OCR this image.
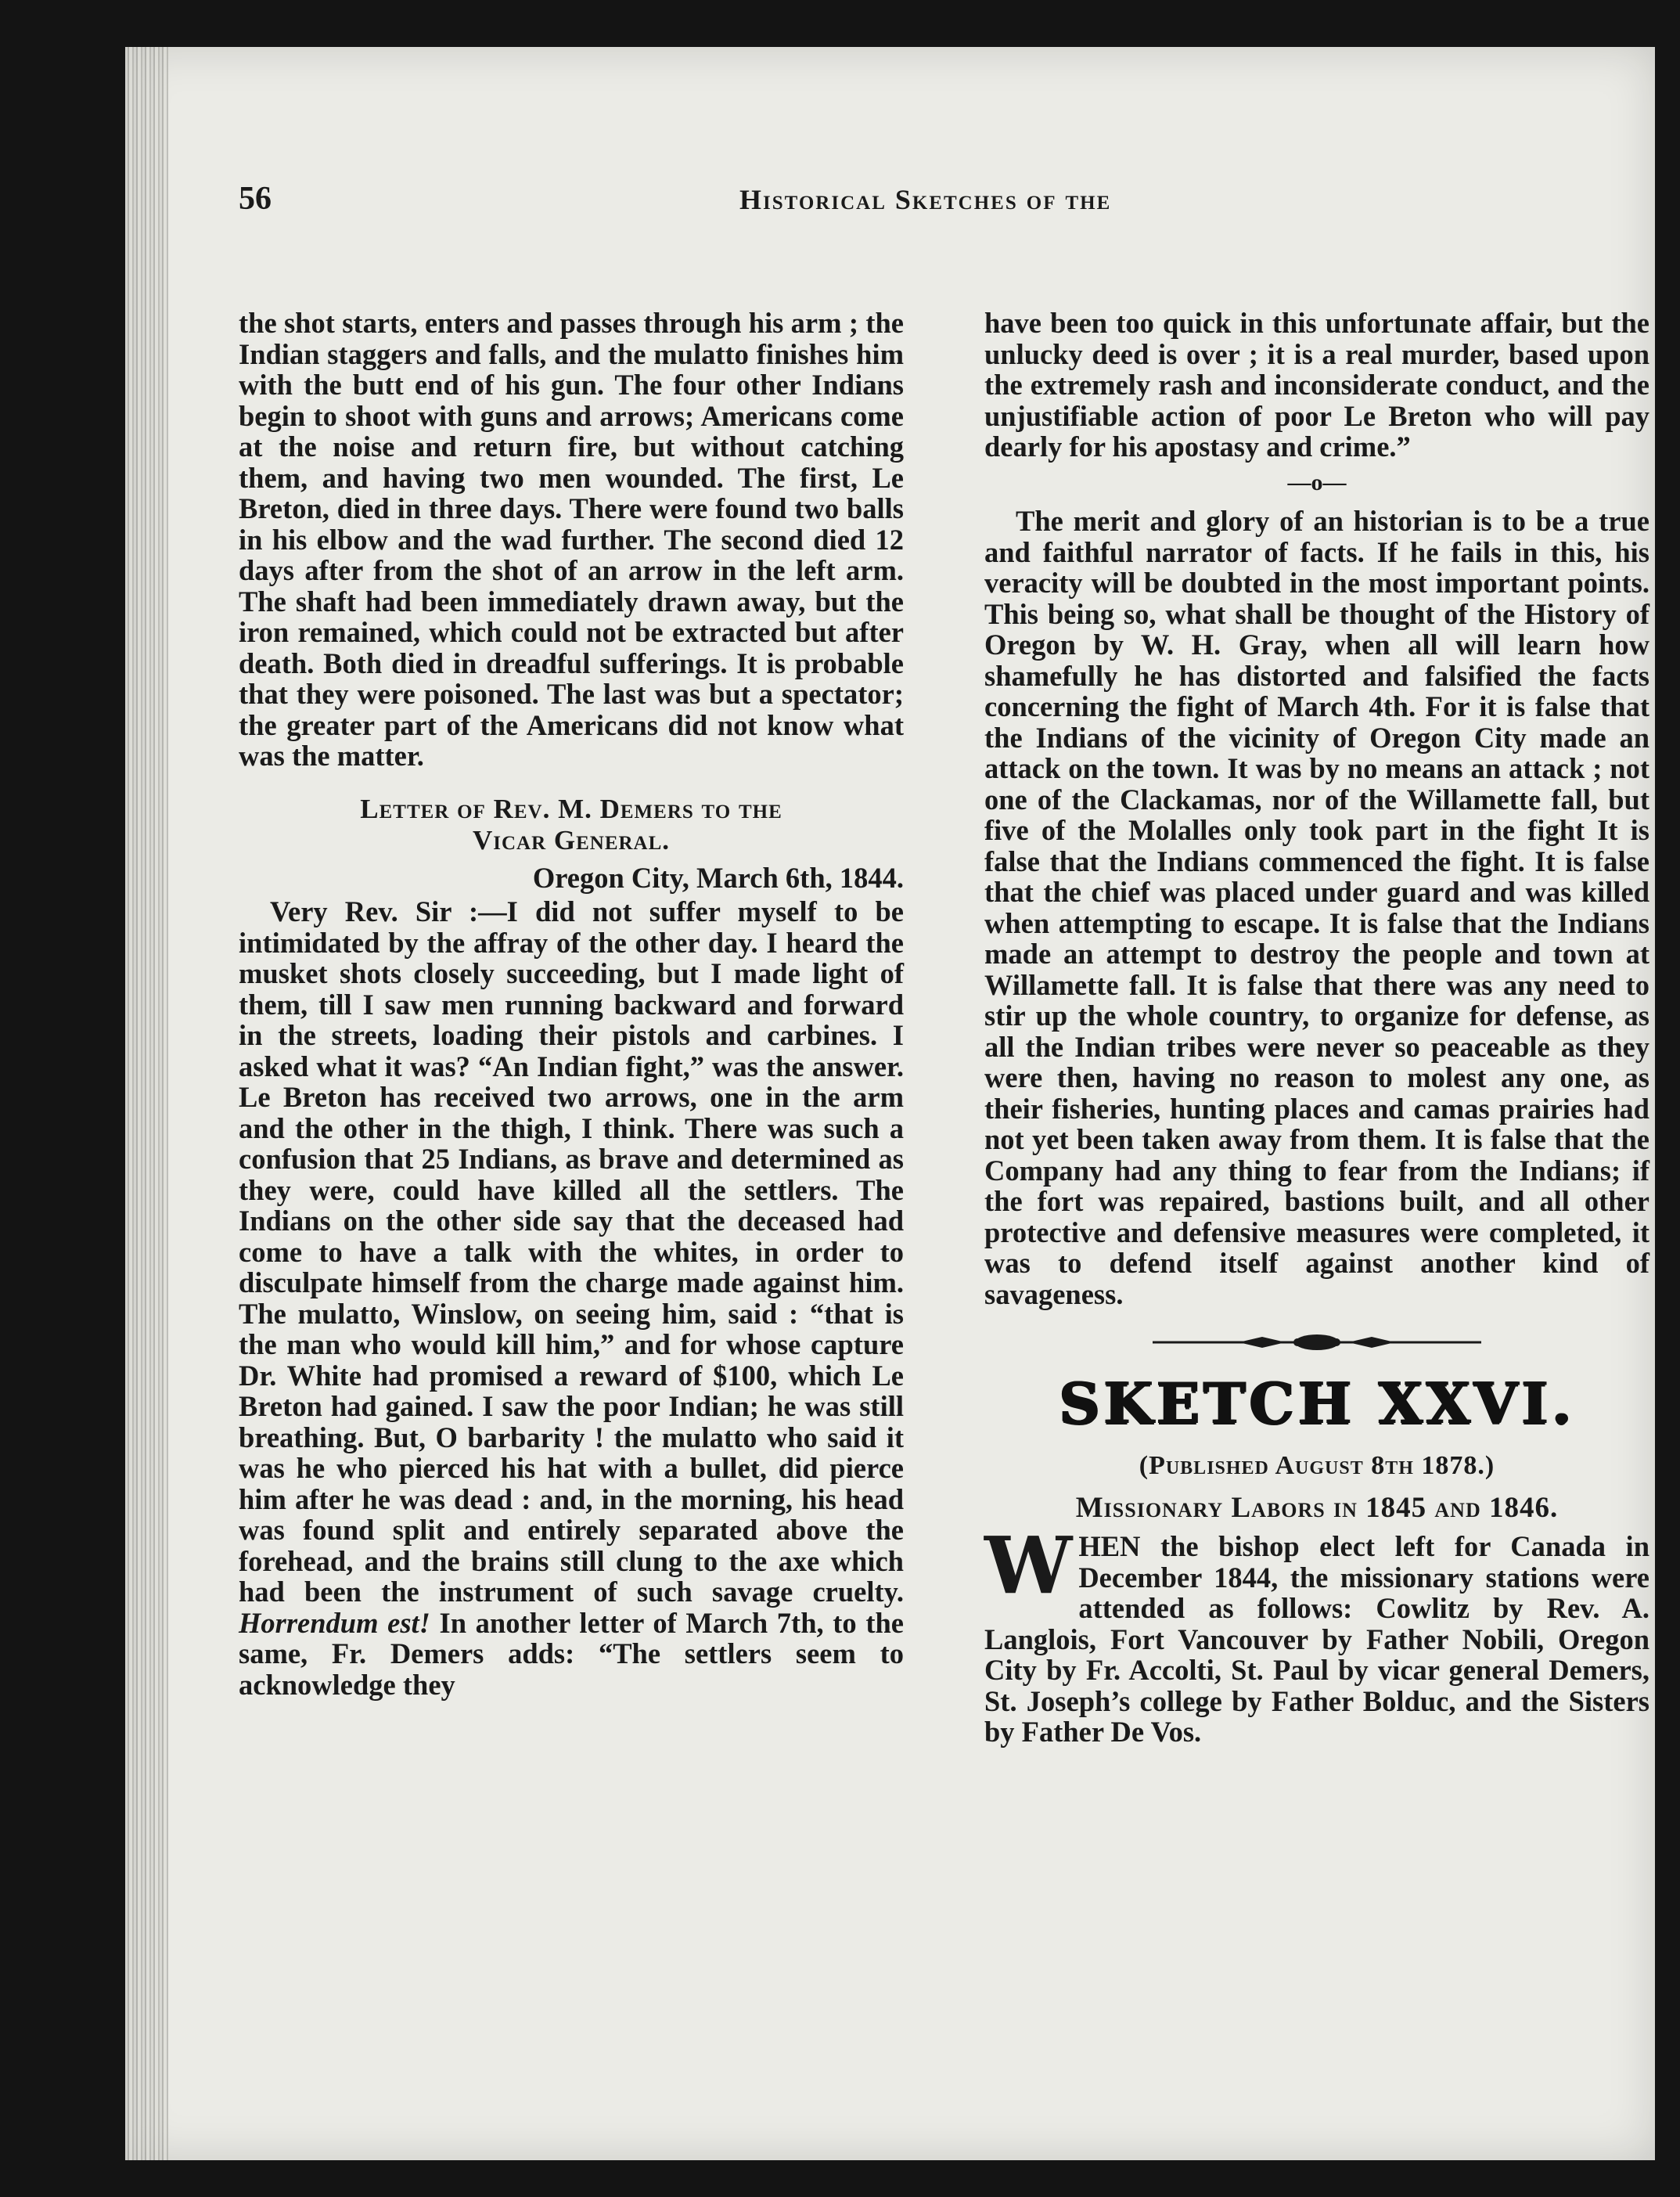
56	Historical Sketches of the

the shot starts, enters and passes through his arm ; the Indian staggers and falls, and the mulatto finishes him with the butt end of his gun. The four other Indians begin to shoot with guns and arrows; Americans come at the noise and return fire, but without catching them, and having two men wounded. The first, Le Breton, died in three days. There were found two balls in his elbow and the wad further. The second died 12 days after from the shot of an arrow in the left arm. The shaft had been immediately drawn away, but the iron remained, which could not be extracted but after death. Both died in dreadful sufferings. It is probable that they were poisoned. The last was but a spectator; the greater part of the Americans did not know what was the matter.

Letter of Rev. M. Demers to the
Vicar General.
Oregon City, March 6th, 1844.

Very Rev. Sir :—I did not suffer myself to be intimidated by the affray of the other day. I heard the musket shots closely succeeding, but I made light of them, till I saw men running backward and forward in the streets, loading their pistols and carbines. I asked what it was? “An Indian fight,” was the answer. Le Breton has received two arrows, one in the arm and the other in the thigh, I think. There was such a confusion that 25 Indians, as brave and determined as they were, could have killed all the settlers. The Indians on the other side say that the deceased had come to have a talk with the whites, in order to disculpate himself from the charge made against him. The mulatto, Winslow, on seeing him, said : “that is the man who would kill him,” and for whose capture Dr. White had promised a reward of $100, which Le Breton had gained. I saw the poor Indian; he was still breathing. But, O barbarity ! the mulatto who said it was he who pierced his hat with a bullet, did pierce him after he was dead : and, in the morning, his head was found split and entirely separated above the forehead, and the brains still clung to the axe which had been the instrument of such savage cruelty. Horrendum est! In another letter of March 7th, to the same, Fr. Demers adds: “The settlers seem to acknowledge they

have been too quick in this unfortunate affair, but the unlucky deed is over ; it is a real murder, based upon the extremely rash and inconsiderate conduct, and the unjustifiable action of poor Le Breton who will pay dearly for his apostasy and crime.”

—o—

The merit and glory of an historian is to be a true and faithful narrator of facts. If he fails in this, his veracity will be doubted in the most important points. This being so, what shall be thought of the History of Oregon by W. H. Gray, when all will learn how shamefully he has distorted and falsified the facts concerning the fight of March 4th. For it is false that the Indians of the vicinity of Oregon City made an attack on the town. It was by no means an attack ; not one of the Clackamas, nor of the Willamette fall, but five of the Molalles only took part in the fight It is false that the Indians commenced the fight. It is false that the chief was placed under guard and was killed when attempting to escape. It is false that the Indians made an attempt to destroy the people and town at Willamette fall. It is false that there was any need to stir up the whole country, to organize for defense, as all the Indian tribes were never so peaceable as they were then, having no reason to molest any one, as their fisheries, hunting places and camas prairies had not yet been taken away from them. It is false that the Company had any thing to fear from the Indians; if the fort was repaired, bastions built, and all other protective and defensive measures were completed, it was to defend itself against another kind of savageness.

SKETCH XXVI.
(Published August 8th 1878.)
Missionary Labors in 1845 and 1846.

WHEN the bishop elect left for Canada in December 1844, the missionary stations were attended as follows: Cowlitz by Rev. A. Langlois, Fort Vancouver by Father Nobili, Oregon City by Fr. Accolti, St. Paul by vicar general Demers, St. Joseph’s college by Father Bolduc, and the Sisters by Father De Vos.
